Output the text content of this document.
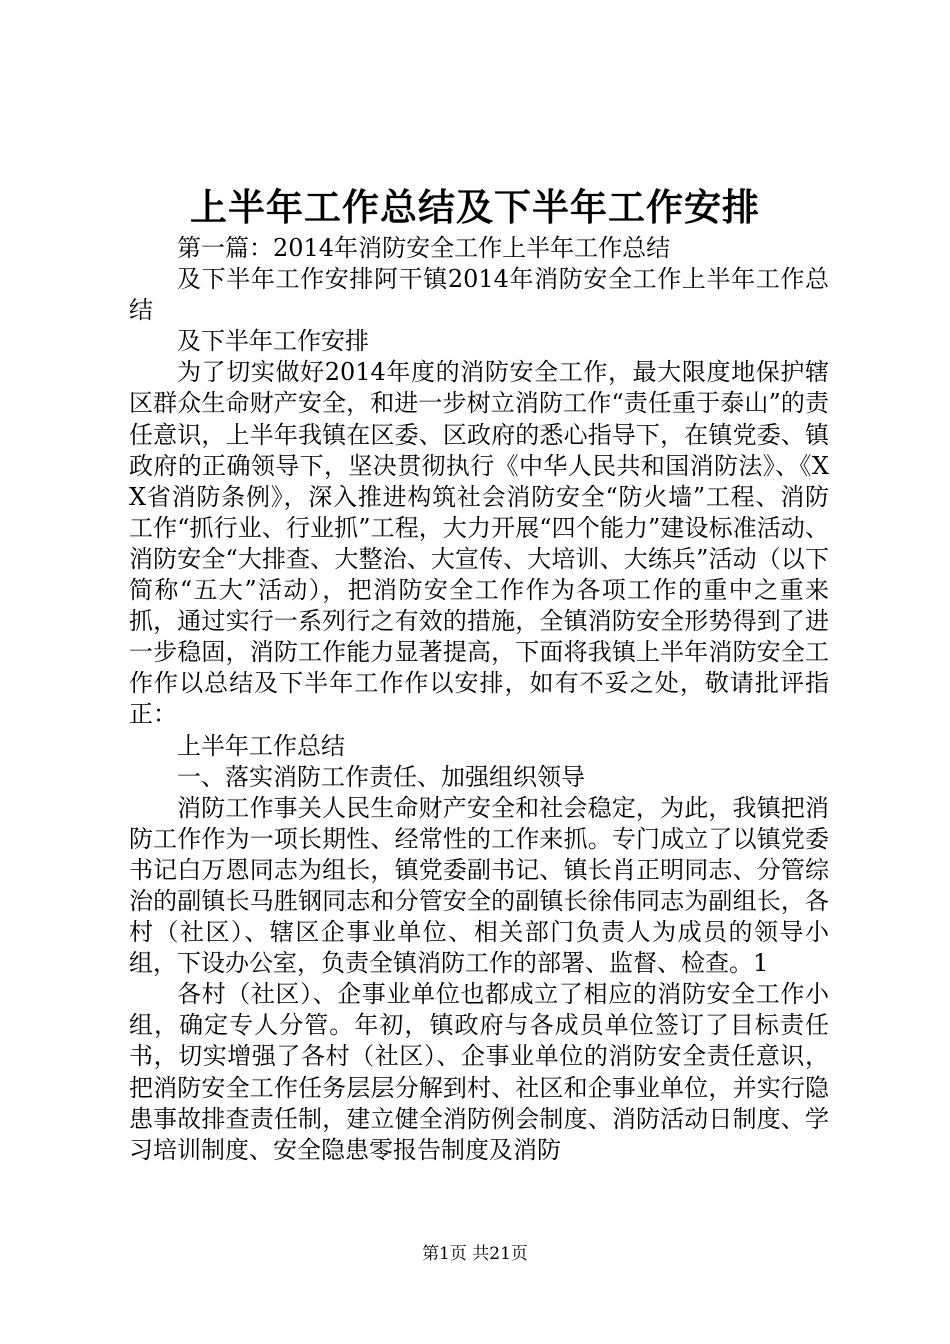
上半年工作总结及下半年工作安排

第一篇：2014年消防安全工作上半年工作总结

及下半年工作安排阿干镇2014年消防安全工作上半年工作总结

及下半年工作安排

为了切实做好2014年度的消防安全工作，最大限度地保护辖区群众生命财产安全，和进一步树立消防工作“责任重于泰山”的责任意识，上半年我镇在区委、区政府的悉心指导下，在镇党委、镇政府的正确领导下，坚决贯彻执行《中华人民共和国消防法》、《XX省消防条例》，深入推进构筑社会消防安全“防火墙”工程、消防工作“抓行业、行业抓”工程，大力开展“四个能力”建设标准活动、消防安全“大排查、大整治、大宣传、大培训、大练兵”活动（以下简称“五大”活动），把消防安全工作作为各项工作的重中之重来抓，通过实行一系列行之有效的措施，全镇消防安全形势得到了进一步稳固，消防工作能力显著提高，下面将我镇上半年消防安全工作作以总结及下半年工作作以安排，如有不妥之处，敬请批评指正：

上半年工作总结

一、落实消防工作责任、加强组织领导

消防工作事关人民生命财产安全和社会稳定，为此，我镇把消防工作作为一项长期性、经常性的工作来抓。专门成立了以镇党委书记白万恩同志为组长，镇党委副书记、镇长肖正明同志、分管综治的副镇长马胜钢同志和分管安全的副镇长徐伟同志为副组长，各村（社区）、辖区企事业单位、相关部门负责人为成员的领导小组，下设办公室，负责全镇消防工作的部署、监督、检查。1

各村（社区）、企事业单位也都成立了相应的消防安全工作小组，确定专人分管。年初，镇政府与各成员单位签订了目标责任书，切实增强了各村（社区）、企事业单位的消防安全责任意识，把消防安全工作任务层层分解到村、社区和企事业单位，并实行隐患事故排查责任制，建立健全消防例会制度、消防活动日制度、学习培训制度、安全隐患零报告制度及消防

第1页 共21页
